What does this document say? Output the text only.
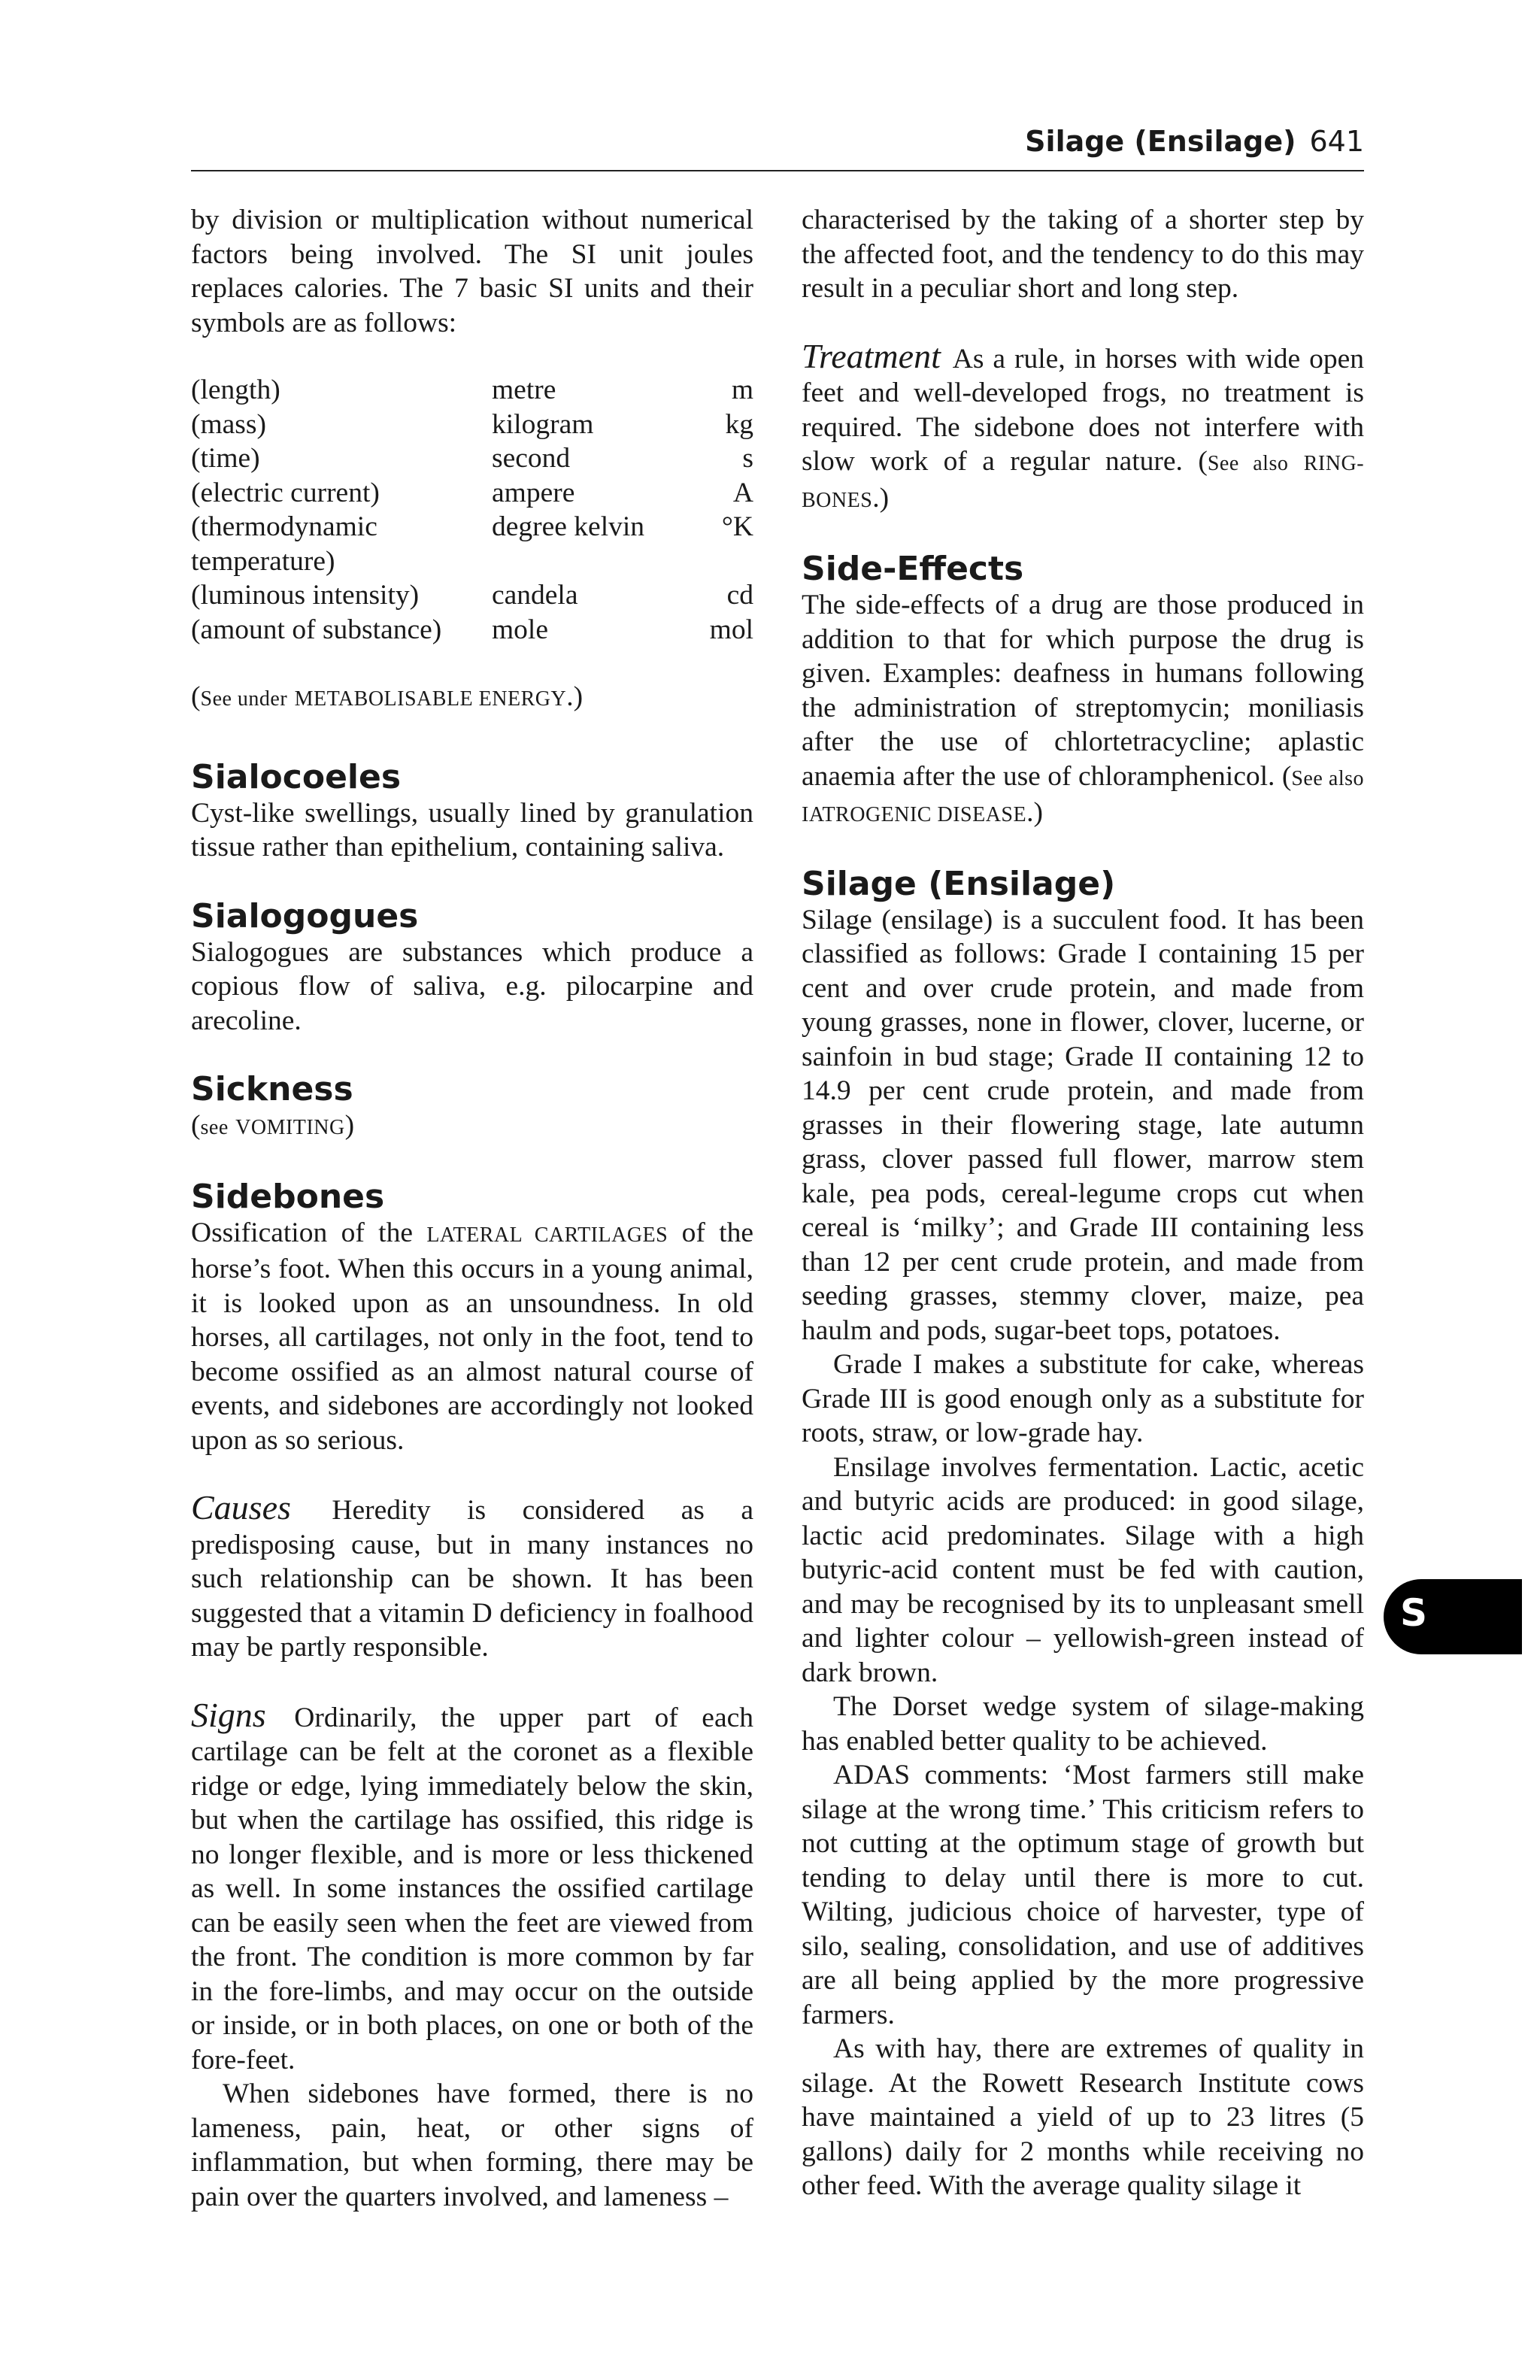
Silage (Ensilage) 641

by division or multiplication without numerical factors being involved. The SI unit joules replaces calories. The 7 basic SI units and their symbols are as follows:

(length)	metre	m
(mass)	kilogram	kg
(time)	second	s
(electric current)	ampere	A
(thermodynamic temperature)	degree kelvin	°K
(luminous intensity)	candela	cd
(amount of substance)	mole	mol

(See under METABOLISABLE ENERGY.)

Sialocoeles

Cyst-like swellings, usually lined by granulation tissue rather than epithelium, containing saliva.

Sialogogues

Sialogogues are substances which produce a copious flow of saliva, e.g. pilocarpine and arecoline.

Sickness

(see VOMITING)

Sidebones

Ossification of the LATERAL CARTILAGES of the horse’s foot. When this occurs in a young animal, it is looked upon as an unsoundness. In old horses, all cartilages, not only in the foot, tend to become ossified as an almost natural course of events, and sidebones are accordingly not looked upon as so serious.

Causes Heredity is considered as a predisposing cause, but in many instances no such relationship can be shown. It has been suggested that a vitamin D deficiency in foalhood may be partly responsible.

Signs Ordinarily, the upper part of each cartilage can be felt at the coronet as a flexible ridge or edge, lying immediately below the skin, but when the cartilage has ossified, this ridge is no longer flexible, and is more or less thickened as well. In some instances the ossified cartilage can be easily seen when the feet are viewed from the front. The condition is more common by far in the fore-limbs, and may occur on the outside or inside, or in both places, on one or both of the fore-feet.

When sidebones have formed, there is no lameness, pain, heat, or other signs of inflammation, but when forming, there may be pain over the quarters involved, and lameness –

characterised by the taking of a shorter step by the affected foot, and the tendency to do this may result in a peculiar short and long step.

Treatment As a rule, in horses with wide open feet and well-developed frogs, no treatment is required. The sidebone does not interfere with slow work of a regular nature. (See also RING-BONES.)

Side-Effects

The side-effects of a drug are those produced in addition to that for which purpose the drug is given. Examples: deafness in humans following the administration of streptomycin; moniliasis after the use of chlortetracycline; aplastic anaemia after the use of chloramphenicol. (See also IATROGENIC DISEASE.)

Silage (Ensilage)

Silage (ensilage) is a succulent food. It has been classified as follows: Grade I containing 15 per cent and over crude protein, and made from young grasses, none in flower, clover, lucerne, or sainfoin in bud stage; Grade II containing 12 to 14.9 per cent crude protein, and made from grasses in their flowering stage, late autumn grass, clover passed full flower, marrow stem kale, pea pods, cereal-legume crops cut when cereal is ‘milky’; and Grade III containing less than 12 per cent crude protein, and made from seeding grasses, stemmy clover, maize, pea haulm and pods, sugar-beet tops, potatoes.

Grade I makes a substitute for cake, whereas Grade III is good enough only as a substitute for roots, straw, or low-grade hay.

Ensilage involves fermentation. Lactic, acetic and butyric acids are produced: in good silage, lactic acid predominates. Silage with a high butyric-acid content must be fed with caution, and may be recognised by its to unpleasant smell and lighter colour – yellowish-green instead of dark brown.

The Dorset wedge system of silage-making has enabled better quality to be achieved.

ADAS comments: ‘Most farmers still make silage at the wrong time.’ This criticism refers to not cutting at the optimum stage of growth but tending to delay until there is more to cut. Wilting, judicious choice of harvester, type of silo, sealing, consolidation, and use of additives are all being applied by the more progressive farmers.

As with hay, there are extremes of quality in silage. At the Rowett Research Institute cows have maintained a yield of up to 23 litres (5 gallons) daily for 2 months while receiving no other feed. With the average quality silage it

S
